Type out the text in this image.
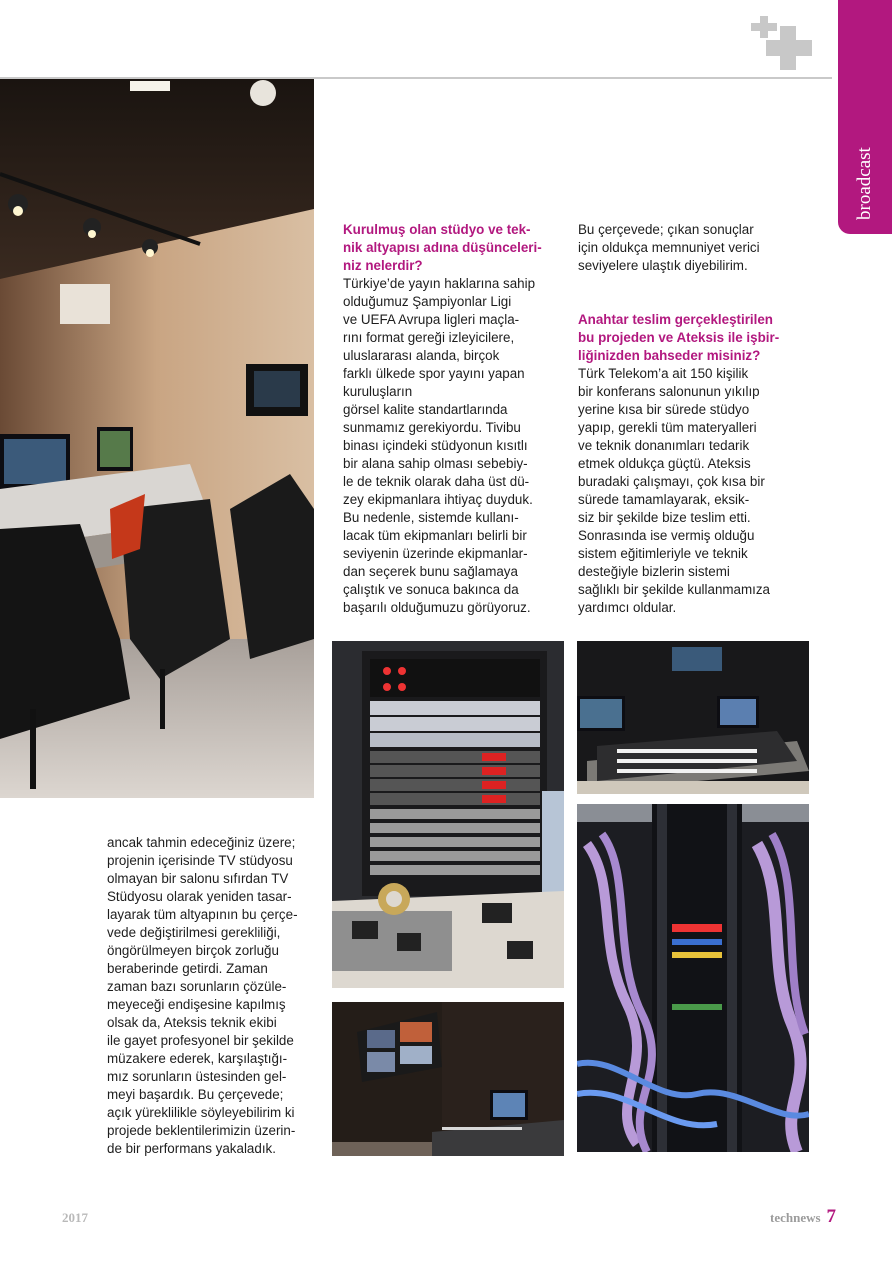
broadcast

Kurulmuş olan stüdyo ve tek-
nik altyapısı adına düşünceleri-
niz nelerdir?

Türkiye’de yayın haklarına sahip
olduğumuz Şampiyonlar Ligi
ve UEFA Avrupa ligleri maçla-
rını format gereği izleyicilere,
uluslararası alanda, birçok
farklı ülkede spor yayını yapan
kuruluşların
görsel kalite standartlarında
sunmamız gerekiyordu. Tivibu
binası içindeki stüdyonun kısıtlı
bir alana sahip olması sebebiy-
le de teknik olarak daha üst dü-
zey ekipmanlara ihtiyaç duyduk.
Bu nedenle, sistemde kullanı-
lacak tüm ekipmanları belirli bir
seviyenin üzerinde ekipmanlar-
dan seçerek bunu sağlamaya
çalıştık ve sonuca bakınca da
başarılı olduğumuzu görüyoruz.

Bu çerçevede; çıkan sonuçlar
için oldukça memnuniyet verici
seviyelere ulaştık diyebilirim.

Anahtar teslim gerçekleştirilen
bu projeden ve Ateksis ile işbir-
liğinizden bahseder misiniz?

Türk Telekom’a ait 150 kişilik
bir konferans salonunun yıkılıp
yerine kısa bir sürede stüdyo
yapıp, gerekli tüm materyalleri
ve teknik donanımları tedarik
etmek oldukça güçtü. Ateksis
buradaki çalışmayı, çok kısa bir
sürede tamamlayarak, eksik-
siz bir şekilde bize teslim etti.
Sonrasında ise vermiş olduğu
sistem eğitimleriyle ve teknik
desteğiyle bizlerin sistemi
sağlıklı bir şekilde kullanmamıza
yardımcı oldular.

ancak tahmin edeceğiniz üzere;
projenin içerisinde TV stüdyosu
olmayan bir salonu sıfırdan TV
Stüdyosu olarak yeniden tasar-
layarak tüm altyapının bu çerçe-
vede değiştirilmesi gerekliliği,
öngörülmeyen birçok zorluğu
beraberinde getirdi. Zaman
zaman bazı sorunların çözüle-
meyeceği endişesine kapılmış
olsak da, Ateksis teknik ekibi
ile gayet profesyonel bir şekilde
müzakere ederek, karşılaştığı-
mız sorunların üstesinden gel-
meyi başardık. Bu çerçevede;
açık yüreklilikle söyleyebilirim ki
projede beklentilerimizin üzerin-
de bir performans yakaladık.

2017	technews 7
